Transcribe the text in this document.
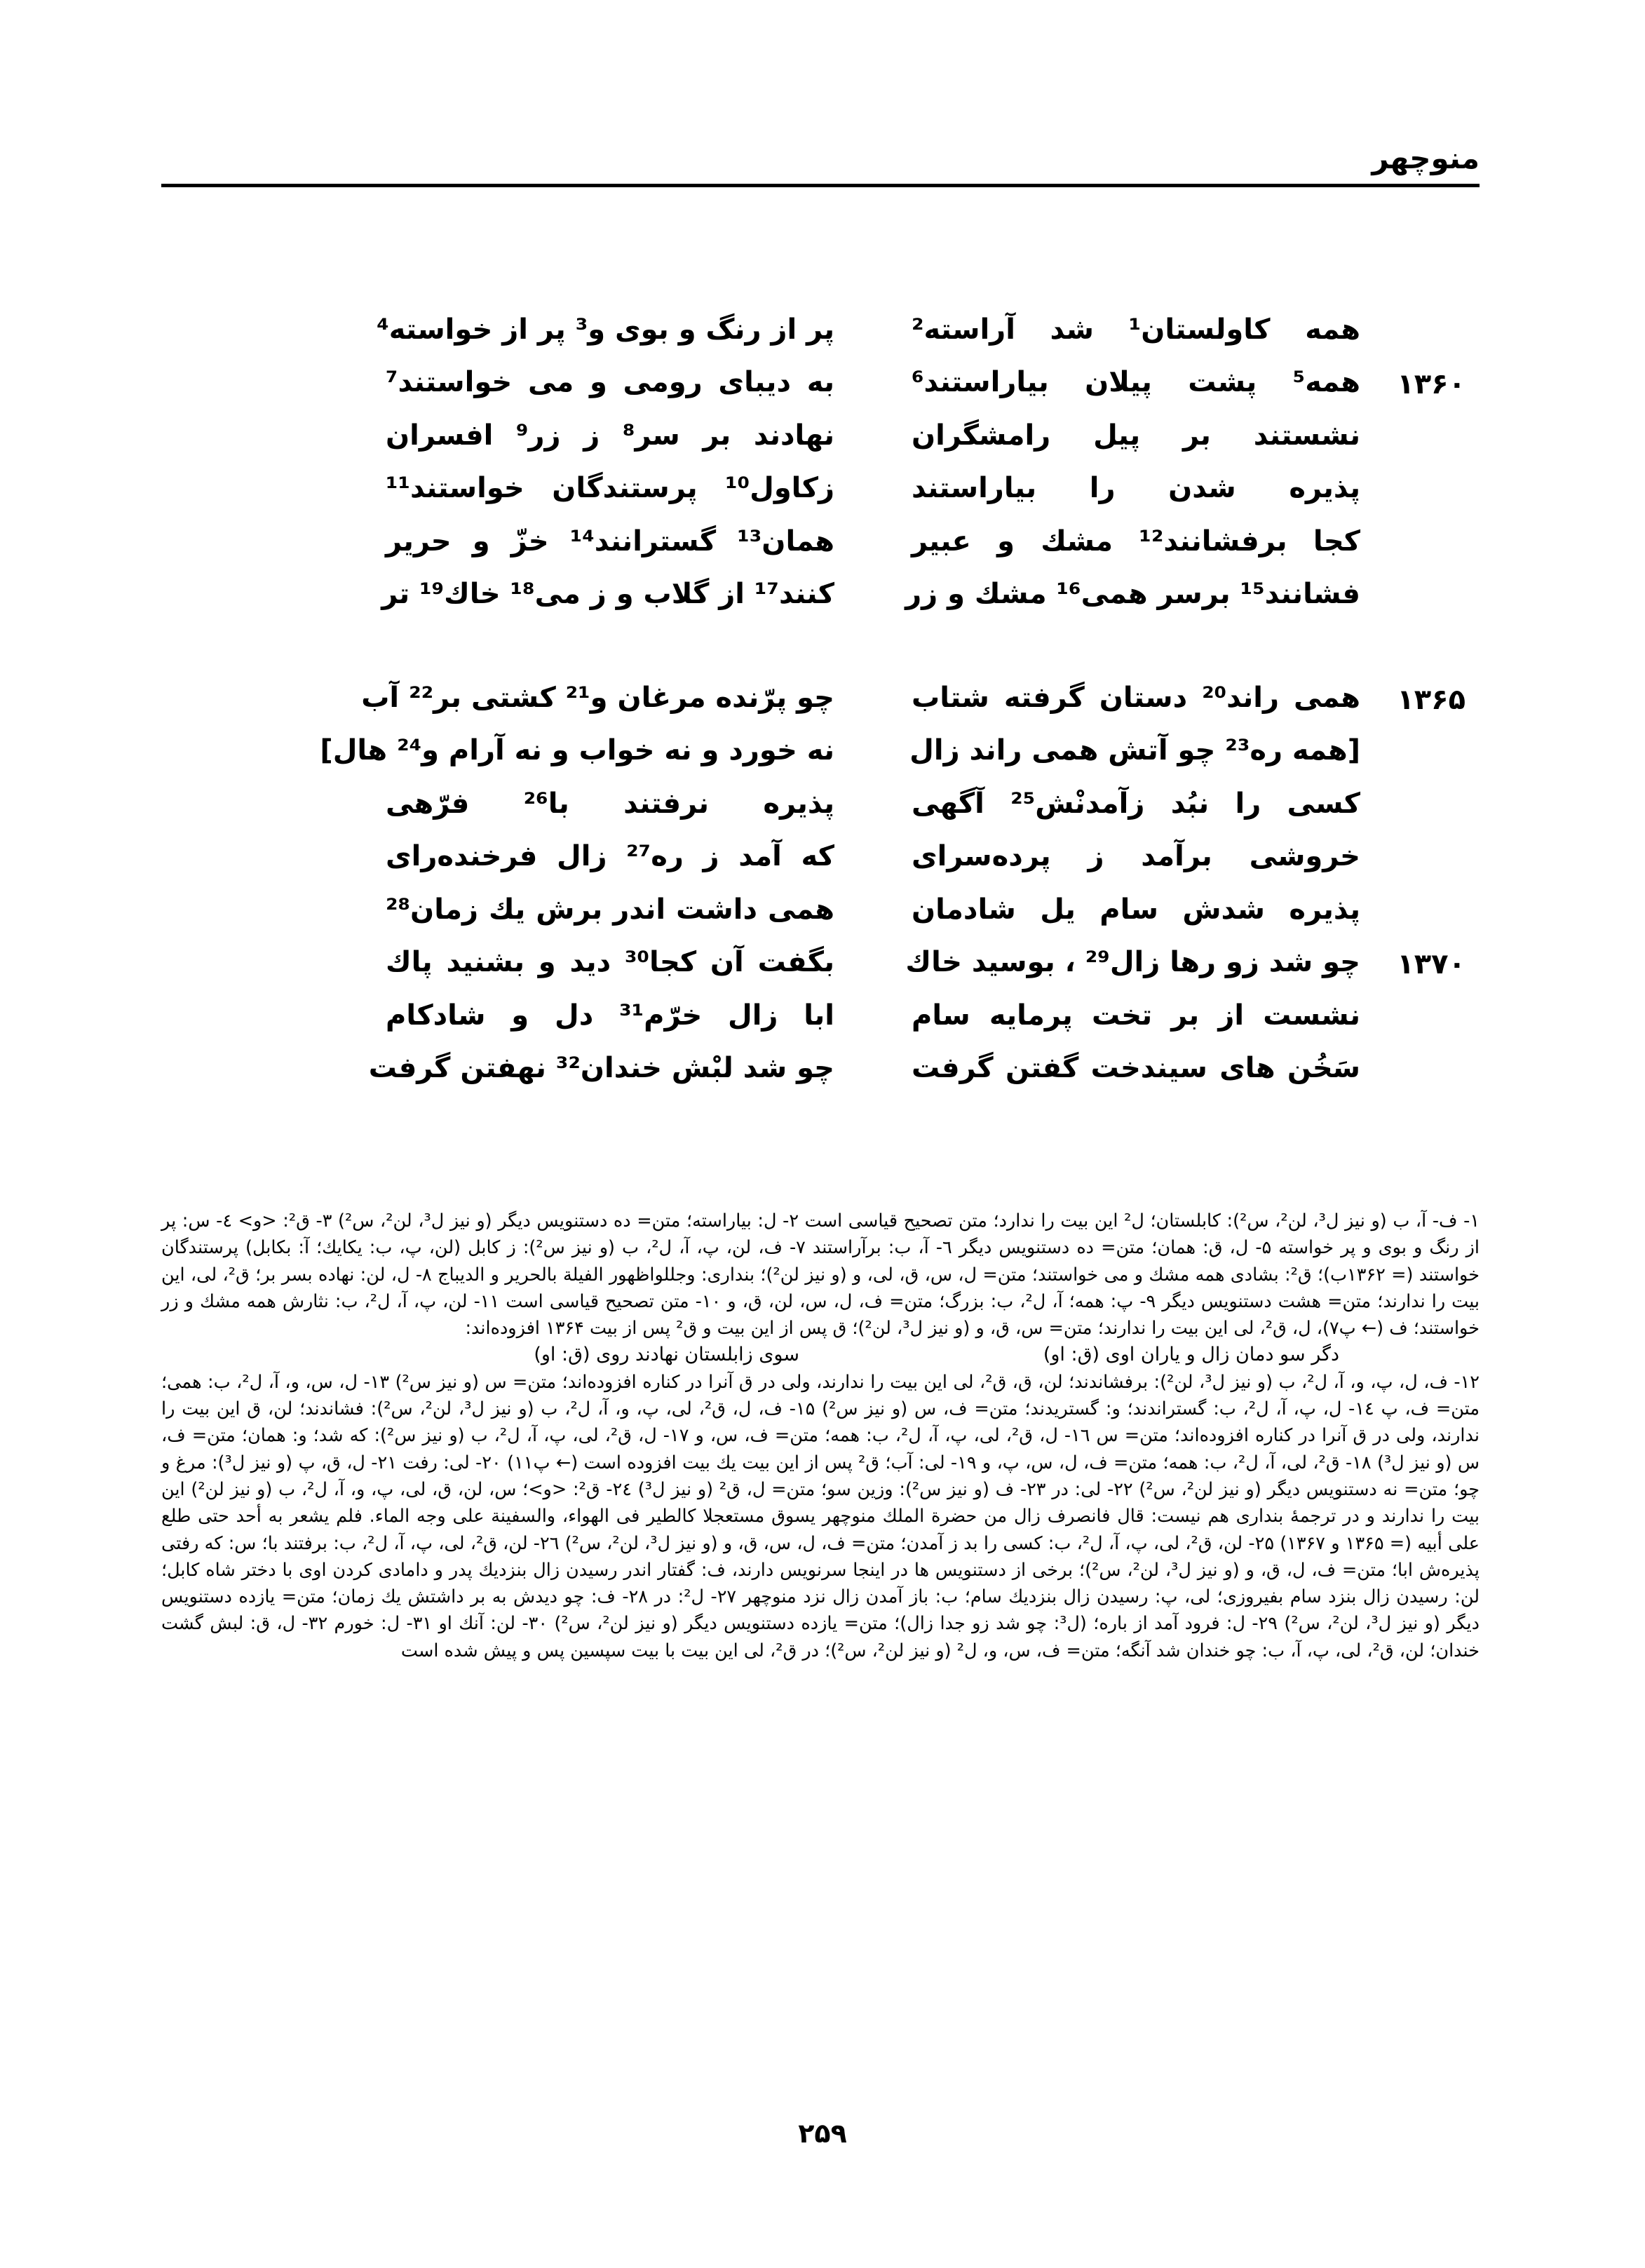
منوچهر
همه کاولستان¹ شد آراسته²
پر از رنگ و بوی و³ پر از خواسته⁴
۱۳۶۰
همه⁵ پشت پیلان بیاراستند⁶
به دیبای رومی و می خواستند⁷
نشستند بر پیل رامشگران
نهادند بر سر⁸ ز زر⁹ افسران
پذیره شدن را بیاراستند
زکاول¹⁰ پرستندگان خواستند¹¹
کجا برفشانند¹² مشك و عبیر
همان¹³ گسترانند¹⁴ خزّ و حریر
فشانند¹⁵ برسر همی¹⁶ مشك و زر
کنند¹⁷ از گلاب و ز می¹⁸ خاك¹⁹ تر
۱۳۶۵
همی راند²⁰ دستان گرفته شتاب
چو پرّنده مرغان و²¹ کشتی بر²² آب
[همه ره²³ چو آتش همی راند زال
نه خورد و نه خواب و نه آرام و²⁴ هال]
کسی را نبُد زآمدنْش²⁵ آگهی
پذیره نرفتند با²⁶ فرّهی
خروشی برآمد ز پرده‌سرای
که آمد ز ره²⁷ زال فرخنده‌رای
پذیره شدش سام یل شادمان
همی داشت اندر برش یك زمان²⁸
۱۳۷۰
چو شد زو رها زال²⁹ ، بوسید خاك
بگفت آن کجا³⁰ دید و بشنید پاك
نشست از بر تخت پرمایه سام
ابا زال خرّم³¹ دل و شادکام
سَخُن های سیندخت گفتن گرفت
چو شد لبْش خندان³² نهفتن گرفت
۱- ف- آ، ب (و نیز ل³، لن²، س²): کابلستان؛ ل² این بیت را ندارد؛ متن تصحیح قیاسی است ۲- ل: بیاراسته؛ متن= ده دستنویس دیگر (و نیز ل³، لن²، س²) ۳- ق²: <و> ٤- س: پر از رنگ و بوی و پر خواسته ۵- ل، ق: همان؛ متن= ده دستنویس دیگر ٦- آ، ب: برآراستند ۷- ف، لن، پ، آ، ل²، ب (و نیز س²): ز کابل (لن، پ، ب: یکایك؛ آ: بکابل) پرستندگان خواستند (= ۱۳۶۲ب)؛ ق²: بشادی همه مشك و می خواستند؛ متن= ل، س، ق، لی، و (و نیز لن²)؛ بنداری: وجللواظهور الفیلة بالحریر و الدیباج ۸- ل، لن: نهاده بسر بر؛ ق²، لی، این بیت را ندارند؛ متن= هشت دستنویس دیگر ۹- پ: همه؛ آ، ل²، ب: بزرگ؛ متن= ف، ل، س، لن، ق، و ۱۰- متن تصحیح قیاسی است ۱۱- لن، پ، آ، ل²، ب: نثارش همه مشك و زر خواستند؛ ف (← پ۷)، ل، ق²، لی این بیت را ندارند؛ متن= س، ق، و (و نیز ل³، لن²)؛ ق پس از این بیت و ق² پس از بیت ۱۳۶۴ افزوده‌اند:
دگر سو دمان زال و یاران اوی (ق: او)
سوی زابلستان نهادند روی (ق: او)
۱۲- ف، ل، پ، و، آ، ل²، ب (و نیز ل³، لن²): برفشاندند؛ لن، ق، ق²، لی این بیت را ندارند، ولی در ق آنرا در کناره افزوده‌اند؛ متن= س (و نیز س²) ۱۳- ل، س، و، آ، ل²، ب: همی؛ متن= ف، پ ١٤- ل، پ، آ، ل²، ب: گستراندند؛ و: گستریدند؛ متن= ف، س (و نیز س²) ۱۵- ف، ل، ق²، لی، پ، و، آ، ل²، ب (و نیز ل³، لن²، س²): فشاندند؛ لن، ق این بیت را ندارند، ولی در ق آنرا در کناره افزوده‌اند؛ متن= س ١٦- ل، ق²، لی، پ، آ، ل²، ب: همه؛ متن= ف، س، و ۱۷- ل، ق²، لی، پ، آ، ل²، ب (و نیز س²): که شد؛ و: همان؛ متن= ف، س (و نیز ل³) ۱۸- ق²، لی، آ، ل²، ب: همه؛ متن= ف، ل، س، پ، و ۱۹- لی: آب؛ ق² پس از این بیت یك بیت افزوده است (← پ۱۱) ۲۰- لی: رفت ۲۱- ل، ق، پ (و نیز ل³): مرغ و چو؛ متن= نه دستنویس دیگر (و نیز لن²، س²) ۲۲- لی: در ۲۳- ف (و نیز س²): وزین سو؛ متن= ل، ق² (و نیز ل³) ٢٤- ق²: <و>؛ س، لن، ق، لی، پ، و، آ، ل²، ب (و نیز لن²) این بیت را ندارند و در ترجمهٔ بنداری هم نیست: قال فانصرف زال من حضرة الملك منوچهر یسوق مستعجلا کالطیر فی الهواء، والسفینة علی وجه الماء. فلم یشعر به أحد حتی طلع علی أبیه (= ۱۳۶۵ و ۱۳۶۷) ۲۵- لن، ق²، لی، پ، آ، ل²، ب: کسی را بد ز آمدن؛ متن= ف، ل، س، ق، و (و نیز ل³، لن²، س²) ٢٦- لن، ق²، لی، پ، آ، ل²، ب: برفتند با؛ س: که رفتی پذیره‌ش ابا؛ متن= ف، ل، ق، و (و نیز ل³، لن²، س²)؛ برخی از دستنویس ها در اینجا سرنویس دارند، ف: گفتار اندر رسیدن زال بنزدیك پدر و دامادی کردن اوی با دختر شاه کابل؛ لن: رسیدن زال بنزد سام بفیروزی؛ لی، پ: رسیدن زال بنزدیك سام؛ ب: باز آمدن زال نزد منوچهر ۲۷- ل²: در ۲۸- ف: چو دیدش به بر داشتش یك زمان؛ متن= یازده دستنویس دیگر (و نیز ل³، لن²، س²) ۲۹- ل: فرود آمد از باره؛ (ل³: چو شد زو جدا زال)؛ متن= یازده دستنویس دیگر (و نیز لن²، س²) ۳۰- لن: آنك او ۳۱- ل: خورم ۳۲- ل، ق: لبش گشت خندان؛ لن، ق²، لی، پ، آ، ب: چو خندان شد آنگه؛ متن= ف، س، و، ل² (و نیز لن²، س²)؛ در ق²، لی این بیت با بیت سپسین پس و پیش شده است
۲۵۹
